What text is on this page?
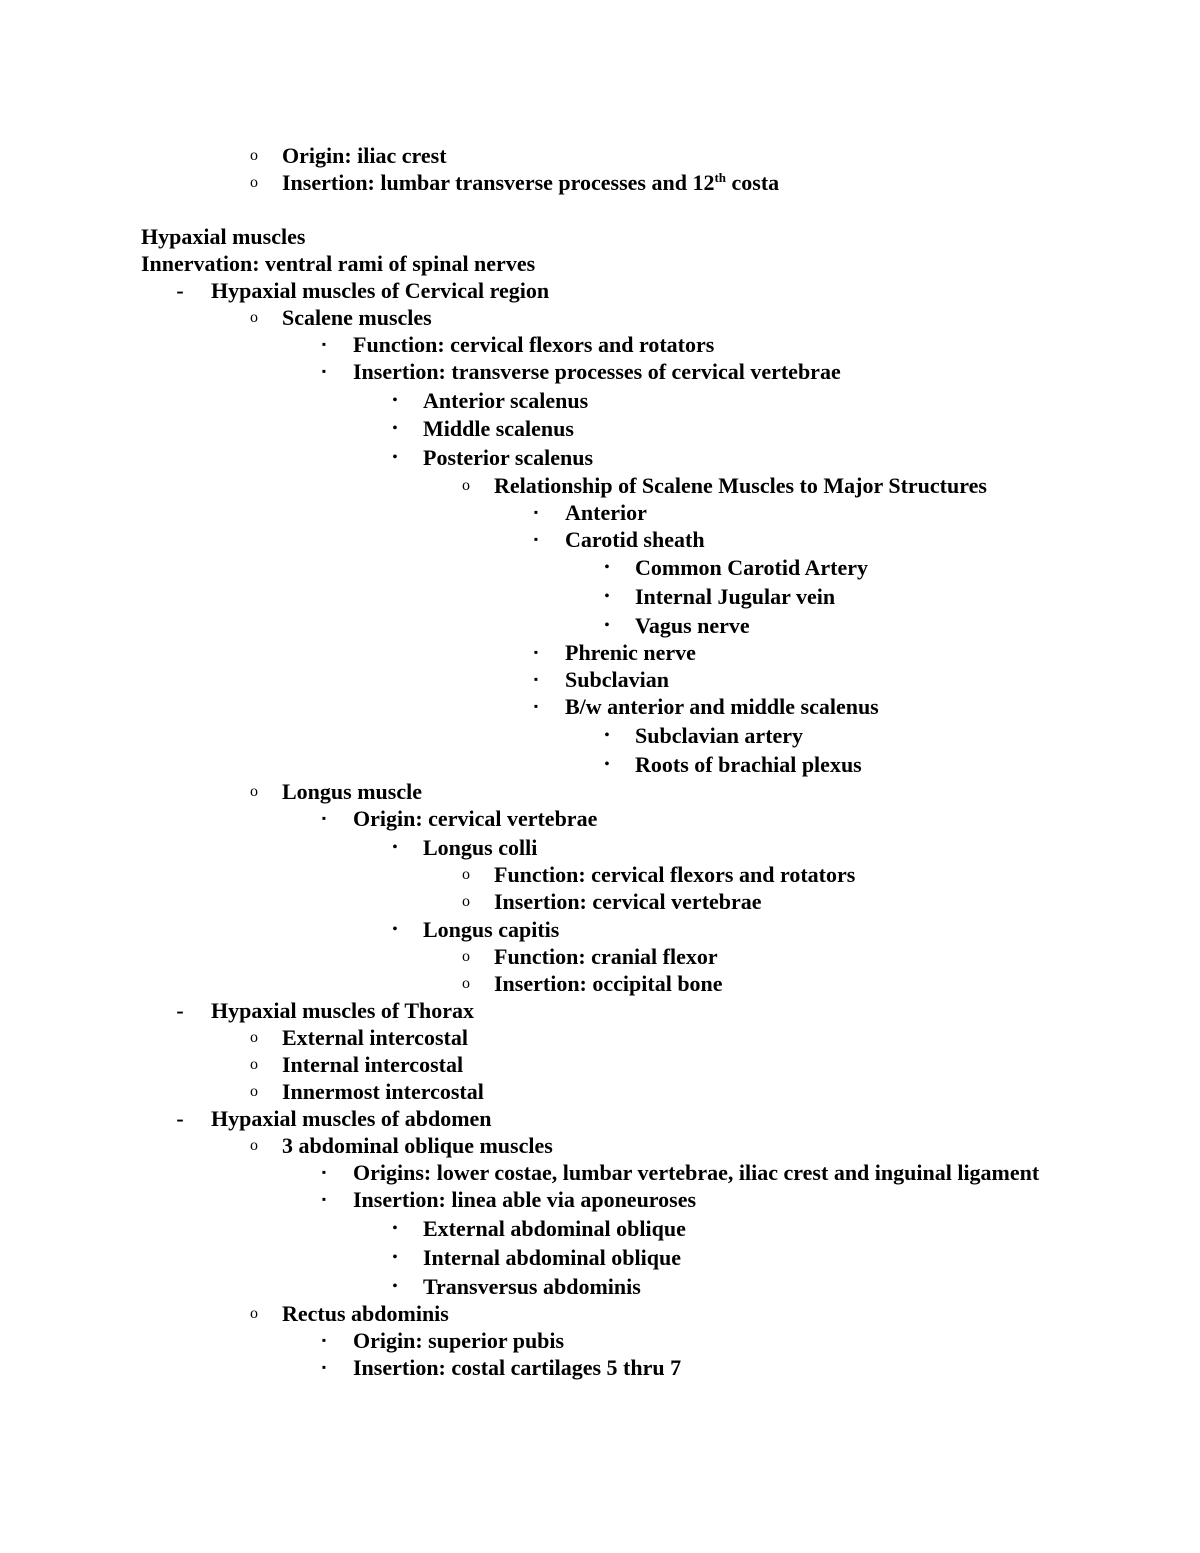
o Origin: iliac crest
o Insertion: lumbar transverse processes and 12th costa
Hypaxial muscles
Innervation: ventral rami of spinal nerves
- Hypaxial muscles of Cervical region
o Scalene muscles
▪	Function: cervical flexors and rotators
▪	Insertion: transverse processes of cervical vertebrae
•	Anterior scalenus
•	Middle scalenus
•	Posterior scalenus
o Relationship of Scalene Muscles to Major Structures
▪	Anterior
▪	Carotid sheath
•	Common Carotid Artery
•	Internal Jugular vein
•	Vagus nerve
▪	Phrenic nerve
▪	Subclavian
▪	B/w anterior and middle scalenus
•	Subclavian artery
•	Roots of brachial plexus
o Longus muscle
▪	Origin: cervical vertebrae
•	Longus colli
o Function: cervical flexors and rotators
o Insertion: cervical vertebrae
•	Longus capitis
o Function: cranial flexor
o Insertion: occipital bone
- Hypaxial muscles of Thorax
o External intercostal
o Internal intercostal
o Innermost intercostal
- Hypaxial muscles of abdomen
o 3 abdominal oblique muscles
▪	Origins: lower costae, lumbar vertebrae, iliac crest and inguinal ligament
▪	Insertion: linea able via aponeuroses
•	External abdominal oblique
•	Internal abdominal oblique
•	Transversus abdominis
o Rectus abdominis
▪	Origin: superior pubis
▪	Insertion: costal cartilages 5 thru 7
